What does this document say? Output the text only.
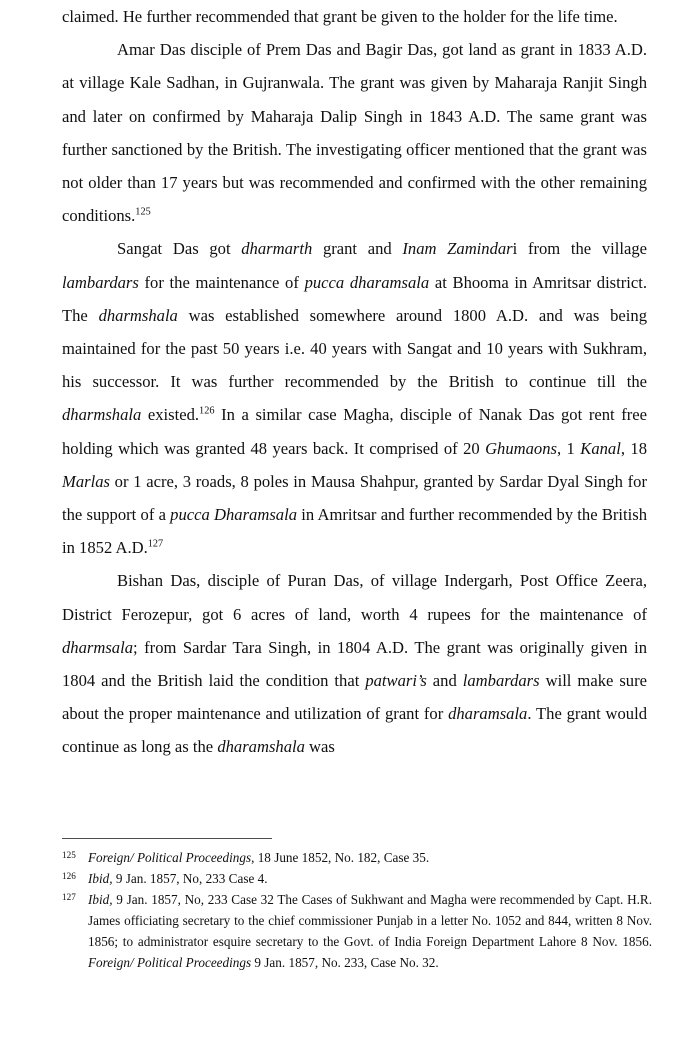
claimed. He further recommended that grant be given to the holder for the life time.

Amar Das disciple of Prem Das and Bagir Das, got land as grant in 1833 A.D. at village Kale Sadhan, in Gujranwala. The grant was given by Maharaja Ranjit Singh and later on confirmed by Maharaja Dalip Singh in 1843 A.D. The same grant was further sanctioned by the British. The investigating officer mentioned that the grant was not older than 17 years but was recommended and confirmed with the other remaining conditions.$^{125}$

Sangat Das got dharmarth grant and Inam Zamindari from the village lambardars for the maintenance of pucca dharamsala at Bhooma in Amritsar district. The dharmshala was established somewhere around 1800 A.D. and was being maintained for the past 50 years i.e. 40 years with Sangat and 10 years with Sukhram, his successor. It was further recommended by the British to continue till the dharmshala existed.$^{126}$ In a similar case Magha, disciple of Nanak Das got rent free holding which was granted 48 years back. It comprised of 20 Ghumaons, 1 Kanal, 18 Marlas or 1 acre, 3 roads, 8 poles in Mausa Shahpur, granted by Sardar Dyal Singh for the support of a pucca Dharamsala in Amritsar and further recommended by the British in 1852 A.D.$^{127}$

Bishan Das, disciple of Puran Das, of village Indergarh, Post Office Zeera, District Ferozepur, got 6 acres of land, worth 4 rupees for the maintenance of dharmsala; from Sardar Tara Singh, in 1804 A.D. The grant was originally given in 1804 and the British laid the condition that patwari’s and lambardars will make sure about the proper maintenance and utilization of grant for dharamsala. The grant would continue as long as the dharamshala was

125 Foreign/ Political Proceedings, 18 June 1852, No. 182, Case 35.
126 Ibid, 9 Jan. 1857, No, 233 Case 4.
127 Ibid, 9 Jan. 1857, No, 233 Case 32 The Cases of Sukhwant and Magha were recommended by Capt. H.R. James officiating secretary to the chief commissioner Punjab in a letter No. 1052 and 844, written 8 Nov. 1856; to administrator esquire secretary to the Govt. of India Foreign Department Lahore 8 Nov. 1856. Foreign/ Political Proceedings 9 Jan. 1857, No. 233, Case No. 32.
